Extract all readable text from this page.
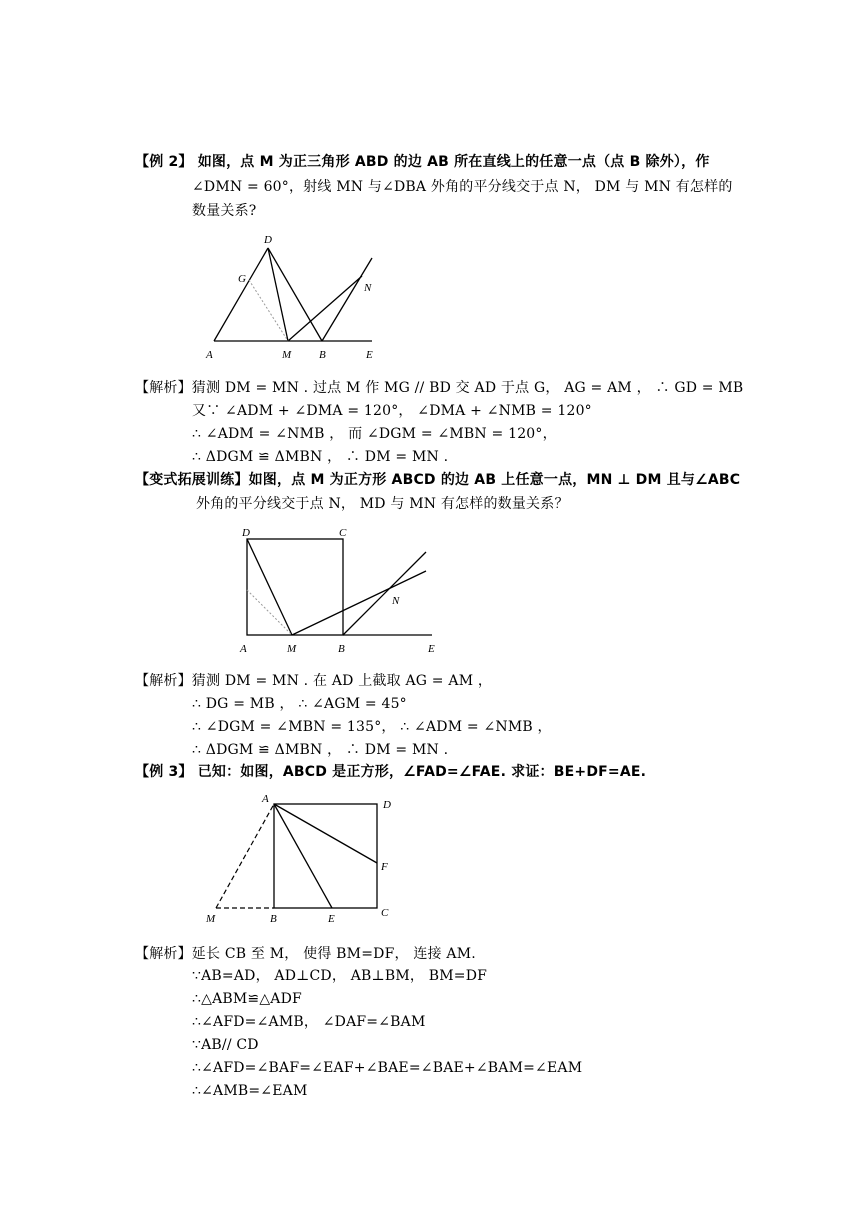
【例 2】 如图，点 M 为正三角形 ABD 的边 AB 所在直线上的任意一点（点 B 除外），作
∠DMN = 60°，射线 MN 与∠DBA 外角的平分线交于点 N， DM 与 MN 有怎样的
数量关系?
D
G
N
A	M	B	E
【解析】猜测 DM = MN . 过点 M 作 MG // BD 交 AD 于点 G， AG = AM ， ∴ GD = MB
又∵ ∠ADM + ∠DMA = 120°， ∠DMA + ∠NMB = 120°
∴ ∠ADM = ∠NMB ， 而 ∠DGM = ∠MBN = 120°，
∴ ΔDGM ≌ ΔMBN ， ∴ DM = MN .
【变式拓展训练】如图，点 M 为正方形 ABCD 的边 AB 上任意一点，MN ⊥ DM 且与∠ABC
外角的平分线交于点 N， MD 与 MN 有怎样的数量关系？
D	C
N
A	M	B	E
【解析】猜测 DM = MN . 在 AD 上截取 AG = AM ，
∴ DG = MB ， ∴ ∠AGM = 45°
∴ ∠DGM = ∠MBN = 135°， ∴ ∠ADM = ∠NMB ，
∴ ΔDGM ≌ ΔMBN ， ∴ DM = MN .
【例 3】 已知：如图，ABCD 是正方形，∠FAD=∠FAE. 求证：BE+DF=AE.
A	D
F
M	B	E	C
【解析】延长 CB 至 M， 使得 BM=DF， 连接 AM.
∵AB=AD， AD⊥CD， AB⊥BM， BM=DF
∴△ABM≌△ADF
∴∠AFD=∠AMB， ∠DAF=∠BAM
∵AB// CD
∴∠AFD=∠BAF=∠EAF+∠BAE=∠BAE+∠BAM=∠EAM
∴∠AMB=∠EAM
